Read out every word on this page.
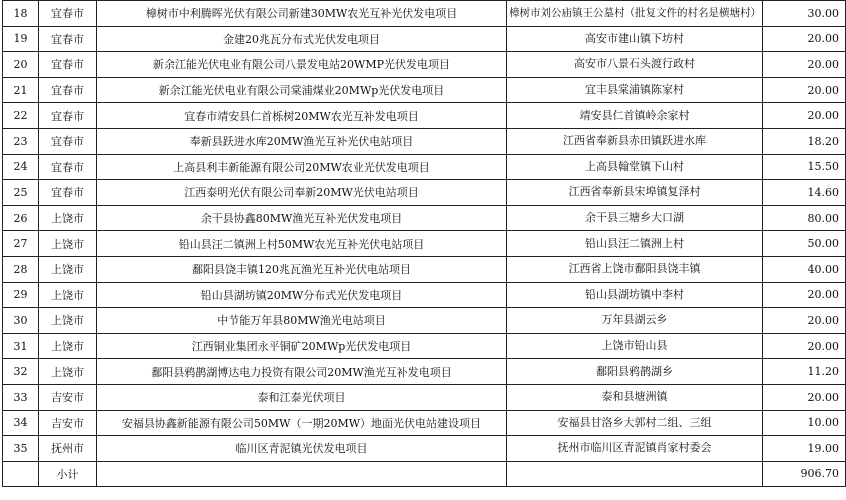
18	宜春市	樟树市中利腾晖光伏有限公司新建30MW农光互补光伏发电项目	樟树市刘公庙镇王公墓村（批复文件的村名是横塘村）	30.00
19	宜春市	金建20兆瓦分布式光伏发电项目	高安市建山镇下坊村	20.00
20	宜春市	新余江能光伏电业有限公司八景发电站20WMP光伏发电项目	高安市八景石头渡行政村	20.00
21	宜春市	新余江能光伏电业有限公司棠浦煤业20MWp光伏发电项目	宜丰县棠浦镇陈家村	20.00
22	宜春市	宜春市靖安县仁首栎树20MW农光互补发电项目	靖安县仁首镇岭余家村	20.00
23	宜春市	奉新县跃进水库20MW渔光互补光伏电站项目	江西省奉新县赤田镇跃进水库	18.20
24	宜春市	上高县利丰新能源有限公司20MW农业光伏发电项目	上高县翰堂镇下山村	15.50
25	宜春市	江西泰明光伏有限公司奉新20MW光伏电站项目	江西省奉新县宋埠镇复泽村	14.60
26	上饶市	余干县协鑫80MW渔光互补光伏发电项目	余干县三塘乡大口湖	80.00
27	上饶市	铅山县汪二镇洲上村50MW农光互补光伏电站项目	铅山县汪二镇洲上村	50.00
28	上饶市	鄱阳县饶丰镇120兆瓦渔光互补光伏电站项目	江西省上饶市鄱阳县饶丰镇	40.00
29	上饶市	铅山县湖坊镇20MW分布式光伏发电项目	铅山县湖坊镇中李村	20.00
30	上饶市	中节能万年县80MW渔光电站项目	万年县湖云乡	20.00
31	上饶市	江西铜业集团永平铜矿20MWp光伏发电项目	上饶市铅山县	20.00
32	上饶市	鄱阳县鸦鹊湖博达电力投资有限公司20MW渔光互补发电项目	鄱阳县鸦鹊湖乡	11.20
33	吉安市	泰和江泰光伏项目	泰和县塘洲镇	20.00
34	吉安市	安福县协鑫新能源有限公司50MW（一期20MW）地面光伏电站建设项目	安福县甘洛乡大郭村二组、三组	10.00
35	抚州市	临川区青泥镇光伏发电项目	抚州市临川区青泥镇肖家村委会	19.00
	小计			906.70
